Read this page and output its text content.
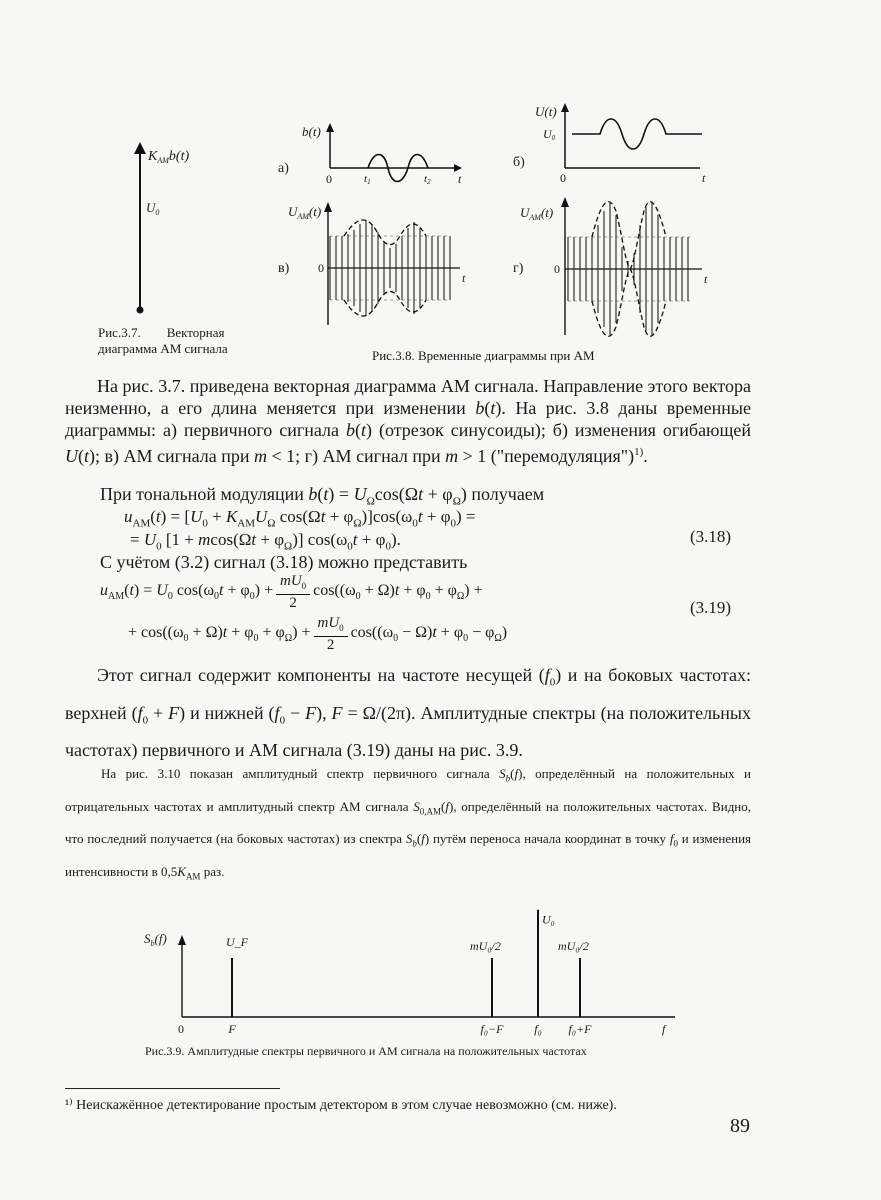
$K_{АМ}b(t)$
$U_0$
Рис.3.7.        Векторная
диаграмма АМ сигнала
а)
b(t)
0	t1	t2 t
б)
U(t)
U0
0	t
в)
$U_{АМ}(t)$
0
t
г)
$U_{АМ}(t)$
0
t
Рис.3.8. Временные диаграммы при АМ
На рис. 3.7. приведена векторная диаграмма АМ сигнала. Направление этого вектора неизменно, а его длина меняется при изменении b(t). На рис. 3.8 даны временные диаграммы: а) первичного сигнала b(t) (отрезок синусоиды); б) изменения огибающей U(t); в) АМ сигнала при m < 1; г) АМ сигнал при m > 1 ("перемодуляция")$^{1)}$.
При тональной модуляции $b(t) = U_\Omega\cos(\Omega t + \varphi_\Omega)$ получаем
$u_{AM}(t) = [U_0 + K_{AM}U_\Omega$ $\cos(\Omega t + \varphi_\Omega)]\cos(\omega_0t + \varphi_0)$ =
= $U_0$ $[1 + mcos(\Omega t + \varphi_\Omega)]$ $\cos(\omega_0t + \varphi_0)$.	(3.18)
С учётом (3.2) сигнал (3.18) можно представить
$u_{AM}(t) = U_0$ $\cos(\omega_0t + \varphi_0) + \frac{mU_0}{2} \cos((\omega_0 + \Omega)t + \varphi_0 + \varphi_\Omega)$ +
(3.19)
+ $\cos((\omega_0 + \Omega)t + \varphi_0 + \varphi_\Omega) + \frac{mU_0}{2} \cos((\omega_0 - \Omega)t + \varphi_0 - \varphi_\Omega)$
Этот сигнал содержит компоненты на частоте несущей $(f_0)$ и на боковых частотах: верхней $(f_0 + F)$ и нижней $(f_0 - F)$, F = Ω/(2π). Амплитудные спектры (на положительных частотах) первичного и АМ сигнала (3.19) даны на рис. 3.9.
На рис. 3.10 показан амплитудный спектр первичного сигнала $S_b(f)$, определённый на положительных и отрицательных частотах и амплитудный спектр АМ сигнала $S_{0,AM}(f)$, определённый на положительных частотах. Видно, что последний получается (на боковых частотах) из спектра $S_b(f)$ путём переноса начала координат в точку $f_0$ и изменения интенсивности в $0,5K_{AM}$ раз.
$S_b(f)$
0	f
U_F
F
mU₀/2
f₀−F
U₀
f₀
mU₀/2
f₀+F
Рис.3.9. Амплитудные спектры первичного и АМ сигнала на положительных частотах
¹⁾ Неискажённое детектирование простым детектором в этом случае невозможно (см. ниже).
89
